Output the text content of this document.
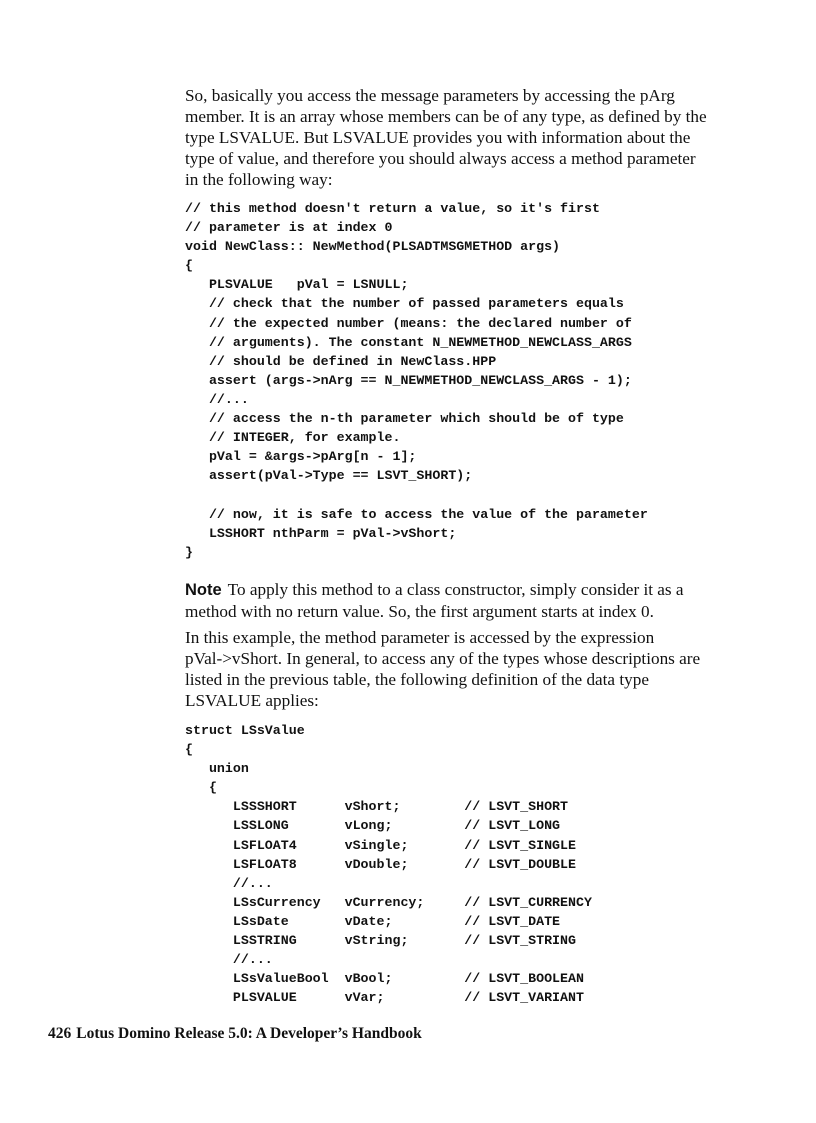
So, basically you access the message parameters by accessing the pArg
member. It is an array whose members can be of any type, as defined by the
type LSVALUE. But LSVALUE provides you with information about the
type of value, and therefore you should always access a method parameter
in the following way:
// this method doesn't return a value, so it's first
// parameter is at index 0
void NewClass:: NewMethod(PLSADTMSGMETHOD args)
{
PLSVALUE   pVal = LSNULL;
// check that the number of passed parameters equals
// the expected number (means: the declared number of
// arguments). The constant N_NEWMETHOD_NEWCLASS_ARGS
// should be defined in NewClass.HPP
assert (args->nArg == N_NEWMETHOD_NEWCLASS_ARGS - 1);
//...
// access the n-th parameter which should be of type
// INTEGER, for example.
pVal = &args->pArg[n - 1];
assert(pVal->Type == LSVT_SHORT);
// now, it is safe to access the value of the parameter
LSSHORT nthParm = pVal->vShort;
}
Note To apply this method to a class constructor, simply consider it as a
method with no return value. So, the first argument starts at index 0.
In this example, the method parameter is accessed by the expression
pVal->vShort. In general, to access any of the types whose descriptions are
listed in the previous table, the following definition of the data type
LSVALUE applies:
struct LSsValue
{
union
{
LSSSHORT      vShort;        // LSVT_SHORT
LSSLONG       vLong;         // LSVT_LONG
LSFLOAT4      vSingle;       // LSVT_SINGLE
LSFLOAT8      vDouble;       // LSVT_DOUBLE
//...
LSsCurrency   vCurrency;     // LSVT_CURRENCY
LSsDate       vDate;         // LSVT_DATE
LSSTRING      vString;       // LSVT_STRING
//...
LSsValueBool  vBool;         // LSVT_BOOLEAN
PLSVALUE      vVar;          // LSVT_VARIANT
426 Lotus Domino Release 5.0: A Developer’s Handbook
